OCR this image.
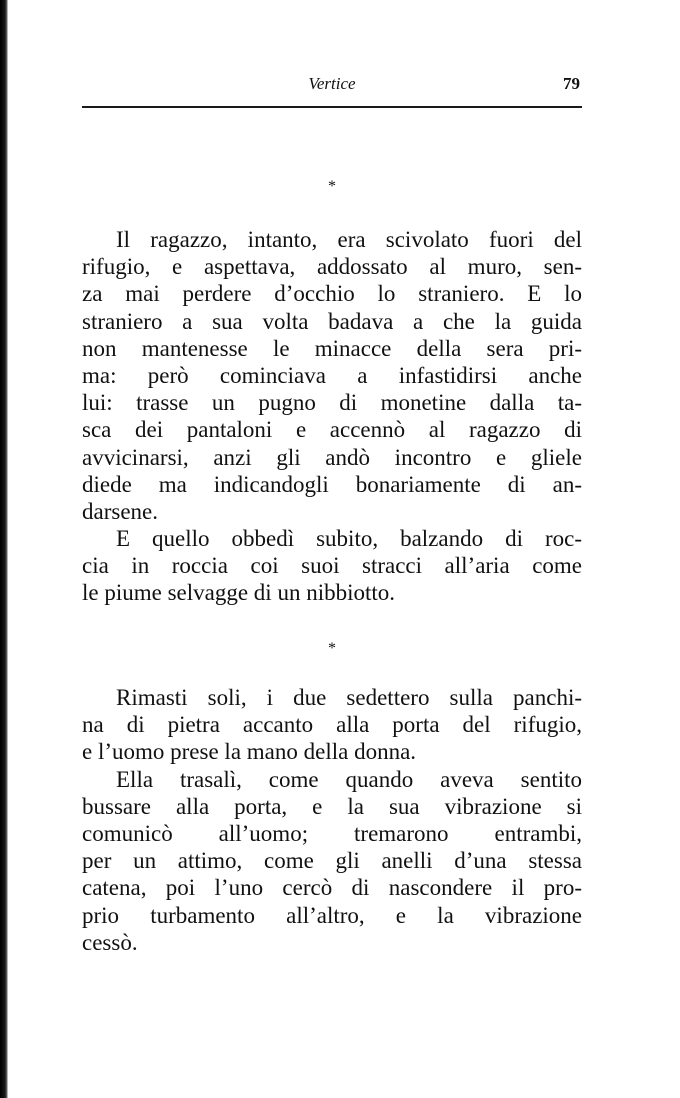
Vertice	79
*
Il ragazzo, intanto, era scivolato fuori del
rifugio, e aspettava, addossato al muro, sen-
za mai perdere d’occhio lo straniero. E lo
straniero a sua volta badava a che la guida
non mantenesse le minacce della sera pri-
ma: però cominciava a infastidirsi anche
lui: trasse un pugno di monetine dalla ta-
sca dei pantaloni e accennò al ragazzo di
avvicinarsi, anzi gli andò incontro e gliele
diede ma indicandogli bonariamente di an-
darsene.
E quello obbedì subito, balzando di roc-
cia in roccia coi suoi stracci all’aria come
le piume selvagge di un nibbiotto.
*
Rimasti soli, i due sedettero sulla panchi-
na di pietra accanto alla porta del rifugio,
e l’uomo prese la mano della donna.
Ella trasalì, come quando aveva sentito
bussare alla porta, e la sua vibrazione si
comunicò all’uomo; tremarono entrambi,
per un attimo, come gli anelli d’una stessa
catena, poi l’uno cercò di nascondere il pro-
prio turbamento all’altro, e la vibrazione
cessò.
